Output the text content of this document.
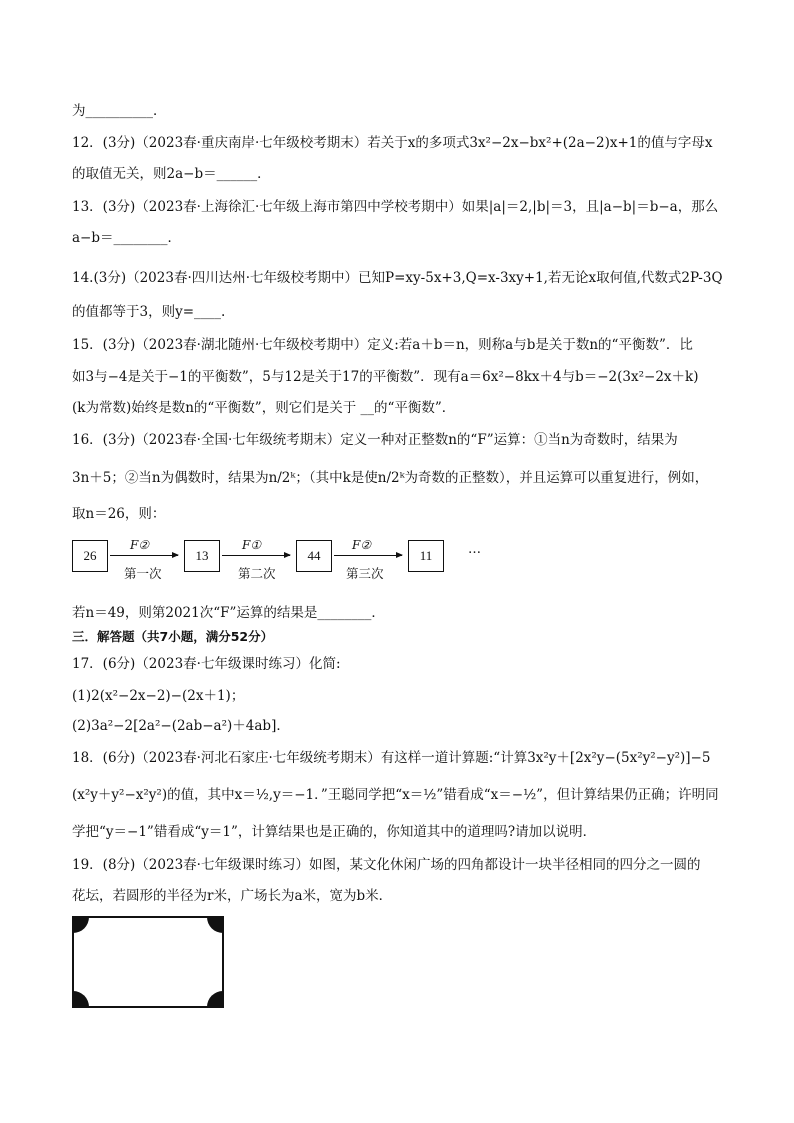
为__________．
12．(3分)（2023春·重庆南岸·七年级校考期末）若关于x的多项式3x²−2x−bx²+(2a−2)x+1的值与字母x
的取值无关，则2a−b＝______．
13．(3分)（2023春·上海徐汇·七年级上海市第四中学校考期中）如果|a|＝2,|b|＝3，且|a−b|＝b−a，那么
a−b＝________．
14.(3分)（2023春·四川达州·七年级校考期中）已知P=xy-5x+3,Q=x-3xy+1,若无论x取何值,代数式2P-3Q
的值都等于3，则y=____.
15．(3分)（2023春·湖北随州·七年级校考期中）定义:若a＋b＝n，则称a与b是关于数n的“平衡数”．比
如3与−4是关于−1的平衡数”，5与12是关于17的平衡数”．现有a＝6x²−8kx＋4与b＝−2(3x²−2x＋k)
(k为常数)始终是数n的“平衡数”，则它们是关于 __的“平衡数”．
16．(3分)（2023春·全国·七年级统考期末）定义一种对正整数n的“F”运算：①当n为奇数时，结果为
3n＋5；②当n为偶数时，结果为n/2ᵏ；（其中k是使n/2ᵏ为奇数的正整数），并且运算可以重复进行，例如，
取n＝26，则：
26
F②
第一次
13
F①
第二次
44
F②
第三次
11	…
若n＝49，则第2021次“F”运算的结果是________．
三．解答题（共7小题，满分52分）
17．(6分)（2023春·七年级课时练习）化简:
(1)2(x²−2x−2)−(2x＋1)；
(2)3a²−2[2a²−(2ab−a²)＋4ab]．
18．(6分)（2023春·河北石家庄·七年级统考期末）有这样一道计算题:“计算3x²y＋[2x²y−(5x²y²−y²)]−5
(x²y＋y²−x²y²)的值，其中x＝½,y＝−1．”王聪同学把“x＝½”错看成“x＝−½”，但计算结果仍正确；许明同
学把“y＝−1”错看成“y＝1”，计算结果也是正确的，你知道其中的道理吗?请加以说明．
19．(8分)（2023春·七年级课时练习）如图，某文化休闲广场的四角都设计一块半径相同的四分之一圆的
花坛，若圆形的半径为r米，广场长为a米，宽为b米．
